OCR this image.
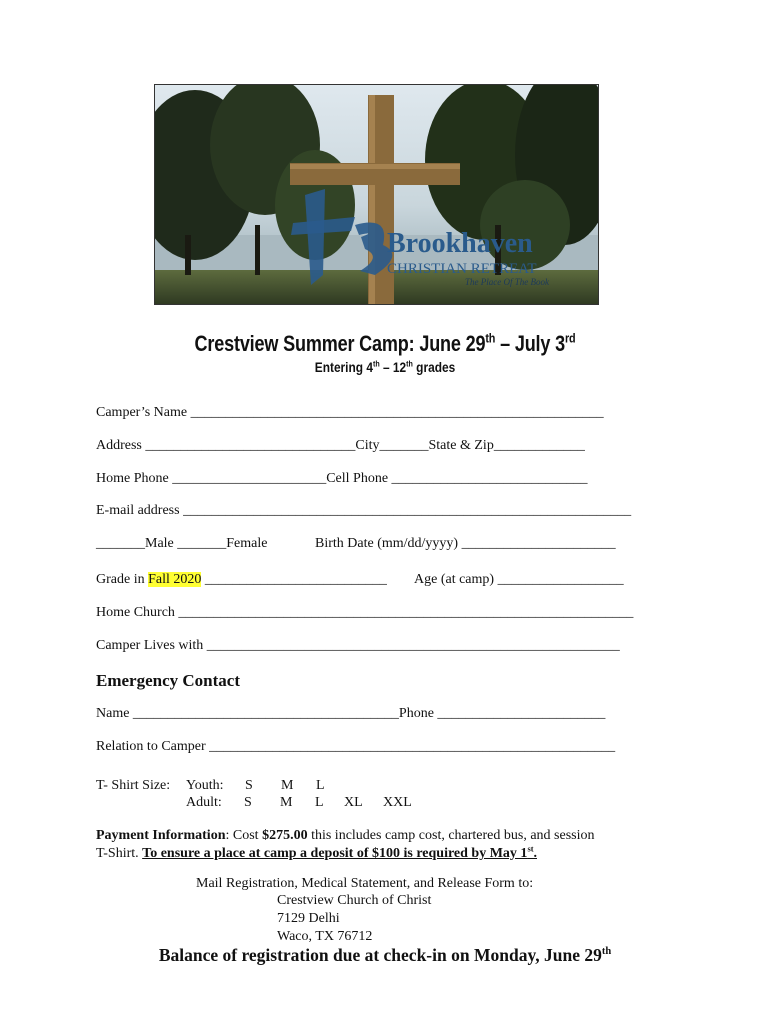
Brookhaven
CHRISTIAN RETREAT
The Place Of The Book
Crestview Summer Camp: June 29th – July 3rd
Entering 4th – 12th grades
Camper’s Name ___________________________________________________________
Address ______________________________City_______State & Zip_____________
Home Phone ______________________Cell Phone ____________________________
E-mail address ________________________________________________________________
_______Male _______Female	Birth Date (mm/dd/yyyy) ______________________
Grade in Fall 2020 __________________________ Age (at camp) __________________
Home Church _________________________________________________________________
Camper Lives with ___________________________________________________________
Emergency Contact
Name ______________________________________Phone ________________________
Relation to Camper __________________________________________________________
T- Shirt Size: Youth: S M L
Adult: S M L XL XXL
Payment Information: Cost $275.00 this includes camp cost, chartered bus, and session
T-Shirt. To ensure a place at camp a deposit of $100 is required by May 1st.
Mail Registration, Medical Statement, and Release Form to:
Crestview Church of Christ
7129 Delhi
Waco, TX 76712
Balance of registration due at check-in on Monday, June 29th
